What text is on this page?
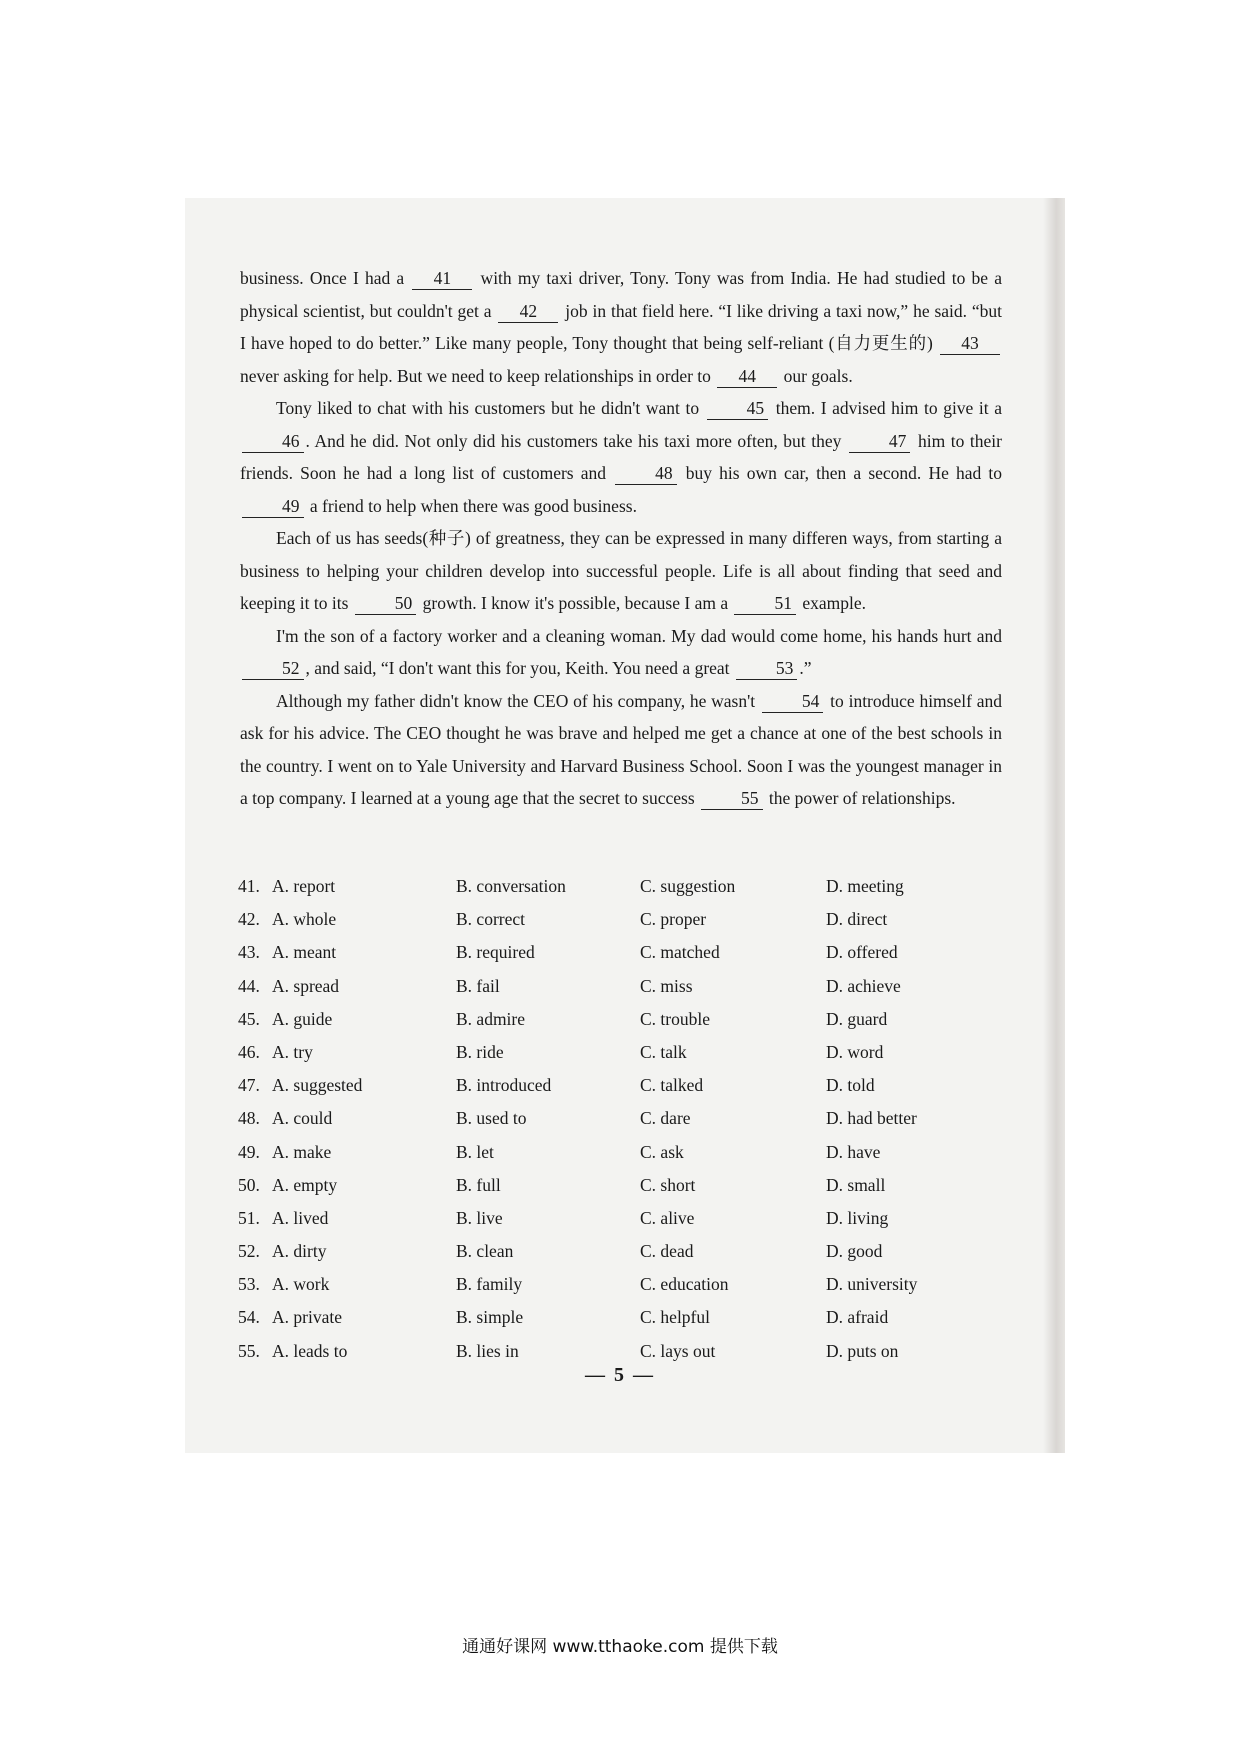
business. Once I had a 41 with my taxi driver, Tony. Tony was from India. He had studied to be a physical scientist, but couldn't get a 42 job in that field here. “I like driving a taxi now,” he said. “but I have hoped to do better.” Like many people, Tony thought that being self-reliant (自力更生的) 43 never asking for help. But we need to keep relationships in order to 44 our goals.

Tony liked to chat with his customers but he didn't want to 45 them. I advised him to give it a 46 . And he did. Not only did his customers take his taxi more often, but they 47 him to their friends. Soon he had a long list of customers and 48 buy his own car, then a second. He had to 49 a friend to help when there was good business.

Each of us has seeds(种子) of greatness, they can be expressed in many differen ways, from starting a business to helping your children develop into successful people. Life is all about finding that seed and keeping it to its 50 growth. I know it's possible, because I am a 51 example.

I'm the son of a factory worker and a cleaning woman. My dad would come home, his hands hurt and 52 , and said, “I don't want this for you, Keith. You need a great 53 .”

Although my father didn't know the CEO of his company, he wasn't 54 to introduce himself and ask for his advice. The CEO thought he was brave and helped me get a chance at one of the best schools in the country. I went on to Yale University and Harvard Business School. Soon I was the youngest manager in a top company. I learned at a young age that the secret to success 55 the power of relationships.

41. A. report	B. conversation	C. suggestion	D. meeting
42. A. whole	B. correct	C. proper	D. direct
43. A. meant	B. required	C. matched	D. offered
44. A. spread	B. fail	C. miss	D. achieve
45. A. guide	B. admire	C. trouble	D. guard
46. A. try	B. ride	C. talk	D. word
47. A. suggested	B. introduced	C. talked	D. told
48. A. could	B. used to	C. dare	D. had better
49. A. make	B. let	C. ask	D. have
50. A. empty	B. full	C. short	D. small
51. A. lived	B. live	C. alive	D. living
52. A. dirty	B. clean	C. dead	D. good
53. A. work	B. family	C. education	D. university
54. A. private	B. simple	C. helpful	D. afraid
55. A. leads to	B. lies in	C. lays out	D. puts on
— 5 —
通通好课网 www.tthaoke.com 提供下载
